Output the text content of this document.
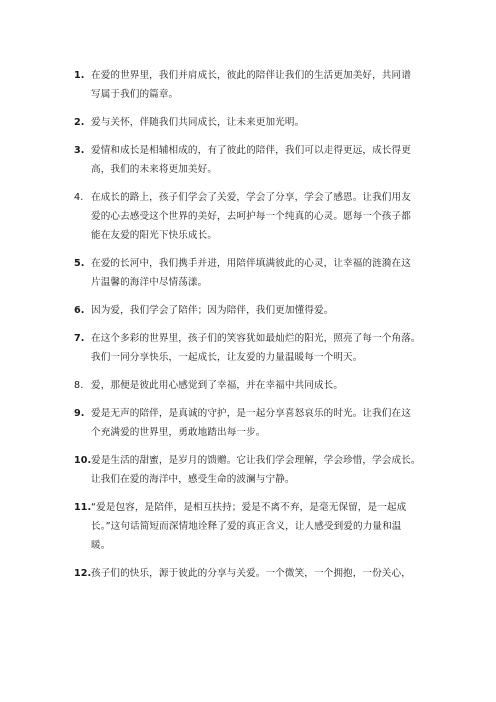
1. 在爱的世界里，我们并肩成长，彼此的陪伴让我们的生活更加美好，共同谱
写属于我们的篇章。
2. 爱与关怀，伴随我们共同成长，让未来更加光明。
3. 爱情和成长是相辅相成的，有了彼此的陪伴，我们可以走得更远，成长得更
高，我们的未来将更加美好。
4. 在成长的路上，孩子们学会了关爱，学会了分享，学会了感恩。让我们用友
爱的心去感受这个世界的美好，去呵护每一个纯真的心灵。愿每一个孩子都
能在友爱的阳光下快乐成长。
5. 在爱的长河中，我们携手并进，用陪伴填满彼此的心灵，让幸福的涟漪在这
片温馨的海洋中尽情荡漾。
6. 因为爱，我们学会了陪伴；因为陪伴，我们更加懂得爱。
7. 在这个多彩的世界里，孩子们的笑容犹如最灿烂的阳光，照亮了每一个角落。
我们一同分享快乐，一起成长，让友爱的力量温暖每一个明天。
8. 爱，那便是彼此用心感觉到了幸福，并在幸福中共同成长。
9. 爱是无声的陪伴，是真诚的守护，是一起分享喜怒哀乐的时光。让我们在这
个充满爱的世界里，勇敢地踏出每一步。
10. 爱是生活的甜蜜，是岁月的馈赠。它让我们学会理解，学会珍惜，学会成长。
让我们在爱的海洋中，感受生命的波澜与宁静。
11. “爱是包容，是陪伴，是相互扶持；爱是不离不弃，是毫无保留，是一起成
长。”这句话简短而深情地诠释了爱的真正含义，让人感受到爱的力量和温
暖。
12. 孩子们的快乐，源于彼此的分享与关爱。一个微笑，一个拥抱，一份关心，
